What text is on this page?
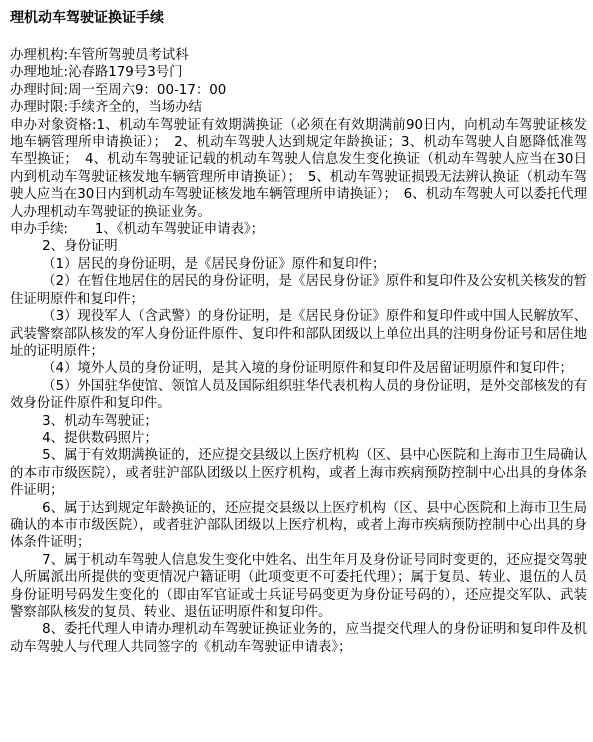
理机动车驾驶证换证手续
办理机构:车管所驾驶员考试科
办理地址:沁春路179号3号门
办理时间:周一至周六9：00-17：00
办理时限:手续齐全的，当场办结
申办对象资格:1、机动车驾驶证有效期满换证（必须在有效期满前90日内，向机动车驾驶证核发地车辆管理所申请换证）；　2、机动车驾驶人达到规定年龄换证；3、机动车驾驶人自愿降低准驾车型换证；　4、机动车驾驶证记载的机动车驾驶人信息发生变化换证（机动车驾驶人应当在30日内到机动车驾驶证核发地车辆管理所申请换证）；　5、机动车驾驶证损毁无法辨认换证（机动车驾驶人应当在30日内到机动车驾驶证核发地车辆管理所申请换证）；　6、机动车驾驶人可以委托代理人办理机动车驾驶证的换证业务。
申办手续:　　1、《机动车驾驶证申请表》；
2、身份证明
（1）居民的身份证明，是《居民身份证》原件和复印件；
（2）在暂住地居住的居民的身份证明，是《居民身份证》原件和复印件及公安机关核发的暂住证明原件和复印件；
（3）现役军人（含武警）的身份证明，是《居民身份证》原件和复印件或中国人民解放军、武装警察部队核发的军人身份证件原件、复印件和部队团级以上单位出具的注明身份证号和居住地址的证明原件；
（4）境外人员的身份证明，是其入境的身份证明原件和复印件及居留证明原件和复印件；
（5）外国驻华使馆、领馆人员及国际组织驻华代表机构人员的身份证明，是外交部核发的有效身份证件原件和复印件。
3、机动车驾驶证；
4、提供数码照片；
5、属于有效期满换证的，还应提交县级以上医疗机构（区、县中心医院和上海市卫生局确认的本市市级医院），或者驻沪部队团级以上医疗机构，或者上海市疾病预防控制中心出具的身体条件证明；
6、属于达到规定年龄换证的，还应提交县级以上医疗机构（区、县中心医院和上海市卫生局确认的本市市级医院），或者驻沪部队团级以上医疗机构，或者上海市疾病预防控制中心出具的身体条件证明；
7、属于机动车驾驶人信息发生变化中姓名、出生年月及身份证号同时变更的，还应提交驾驶人所属派出所提供的变更情况户籍证明（此项变更不可委托代理）；属于复员、转业、退伍的人员身份证明号码发生变化的（即由军官证或士兵证号码变更为身份证号码的），还应提交军队、武装警察部队核发的复员、转业、退伍证明原件和复印件。
8、委托代理人申请办理机动车驾驶证换证业务的，应当提交代理人的身份证明和复印件及机动车驾驶人与代理人共同签字的《机动车驾驶证申请表》；
